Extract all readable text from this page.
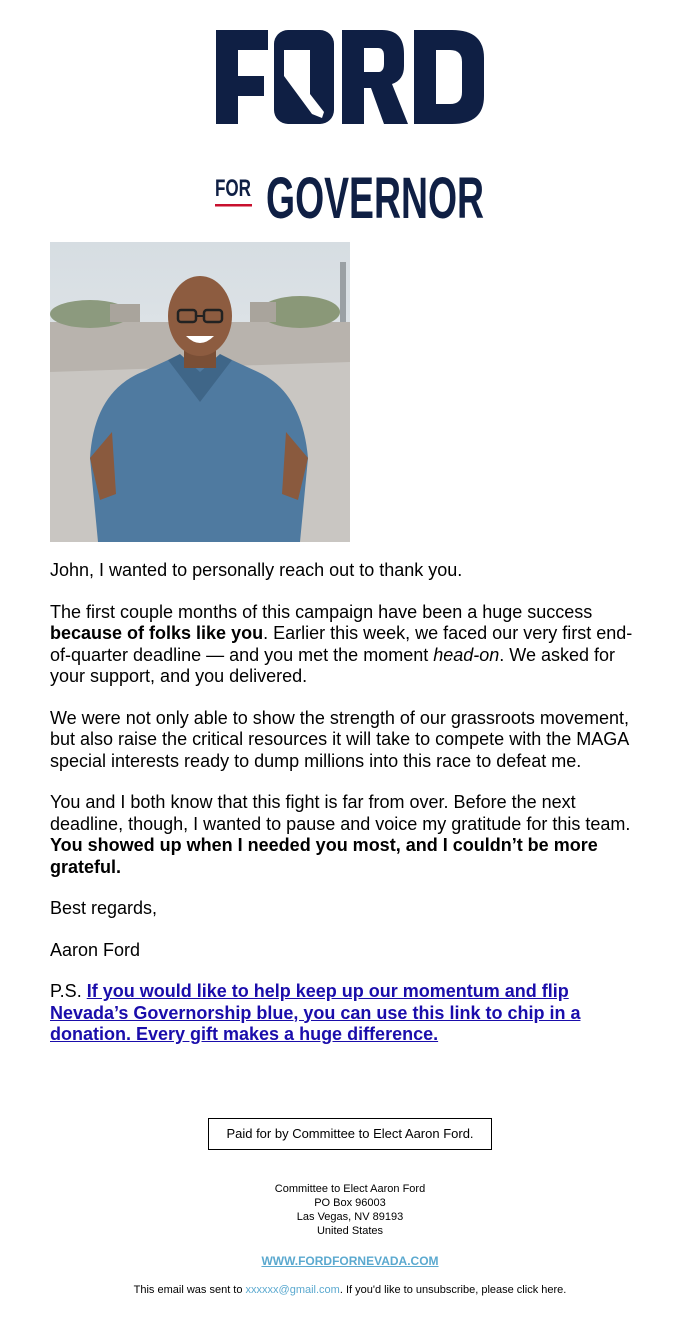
FOR GOVERNOR

John, I wanted to personally reach out to thank you.

The first couple months of this campaign have been a huge success because of folks like you. Earlier this week, we faced our very first end-of-quarter deadline — and you met the moment head-on. We asked for your support, and you delivered.

We were not only able to show the strength of our grassroots movement, but also raise the critical resources it will take to compete with the MAGA special interests ready to dump millions into this race to defeat me.

You and I both know that this fight is far from over. Before the next deadline, though, I wanted to pause and voice my gratitude for this team. You showed up when I needed you most, and I couldn’t be more grateful.

Best regards,

Aaron Ford

P.S. If you would like to help keep up our momentum and flip Nevada’s Governorship blue, you can use this link to chip in a donation. Every gift makes a huge difference.

Paid for by Committee to Elect Aaron Ford.
Committee to Elect Aaron Ford
PO Box 96003
Las Vegas, NV 89193
United States
WWW.FORDFORNEVADA.COM
This email was sent to xxxxxx@gmail.com. If you'd like to unsubscribe, please click here.
